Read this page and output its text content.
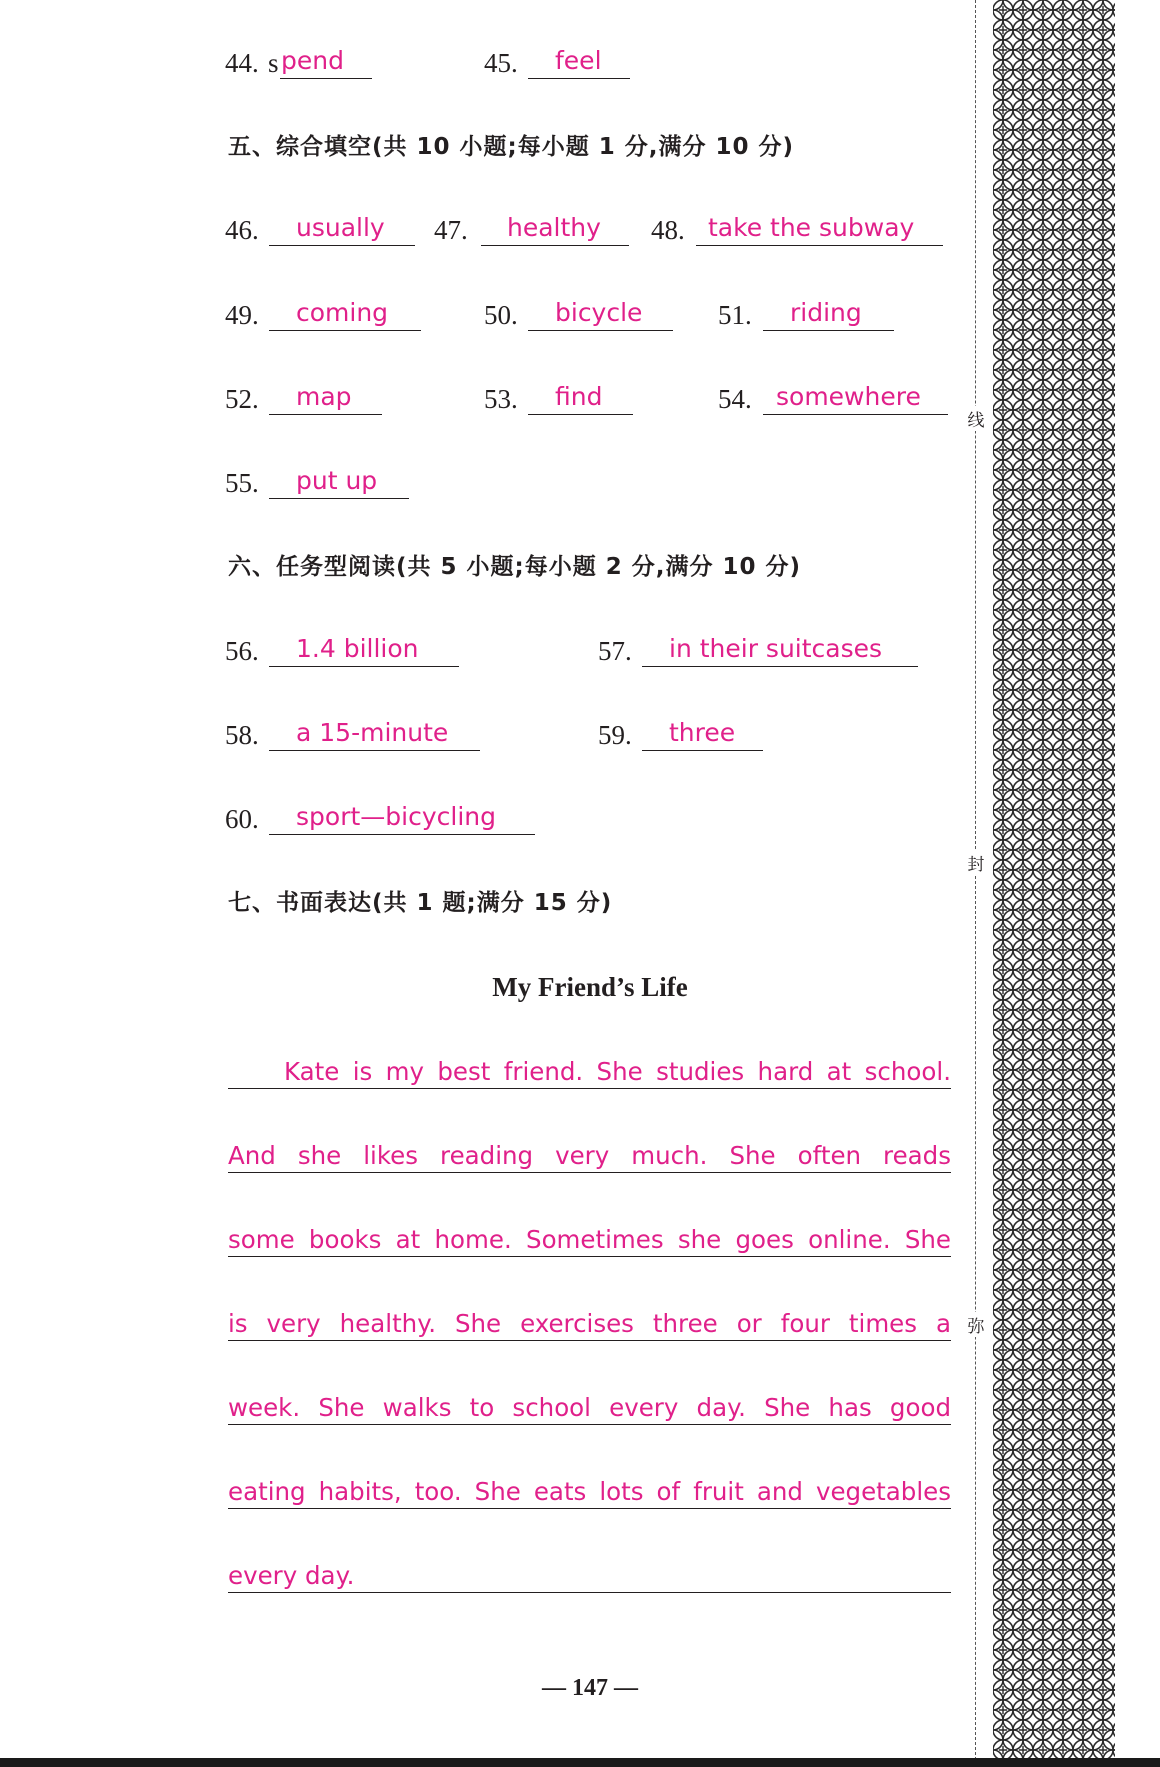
44. s pend	45. feel
五、综合填空(共 10 小题;每小题 1 分,满分 10 分)
46. usually 47. healthy 48. take the subway
49. coming	50. bicycle	51. riding
52. map	53. find	54. somewhere
55. put up
六、任务型阅读(共 5 小题;每小题 2 分,满分 10 分)
56. 1.4 billion	57. in their suitcases
58. a 15-minute	59. three
60. sport—bicycling
七、书面表达(共 1 题;满分 15 分)
My Friend’s Life
Kate is my best friend. She studies hard at school.
And she likes reading very much. She often reads
some books at home. Sometimes she goes online. She
is very healthy. She exercises three or four times a
week. She walks to school every day. She has good
eating habits, too. She eats lots of fruit and vegetables
every day.
— 147 —
线
封
弥
